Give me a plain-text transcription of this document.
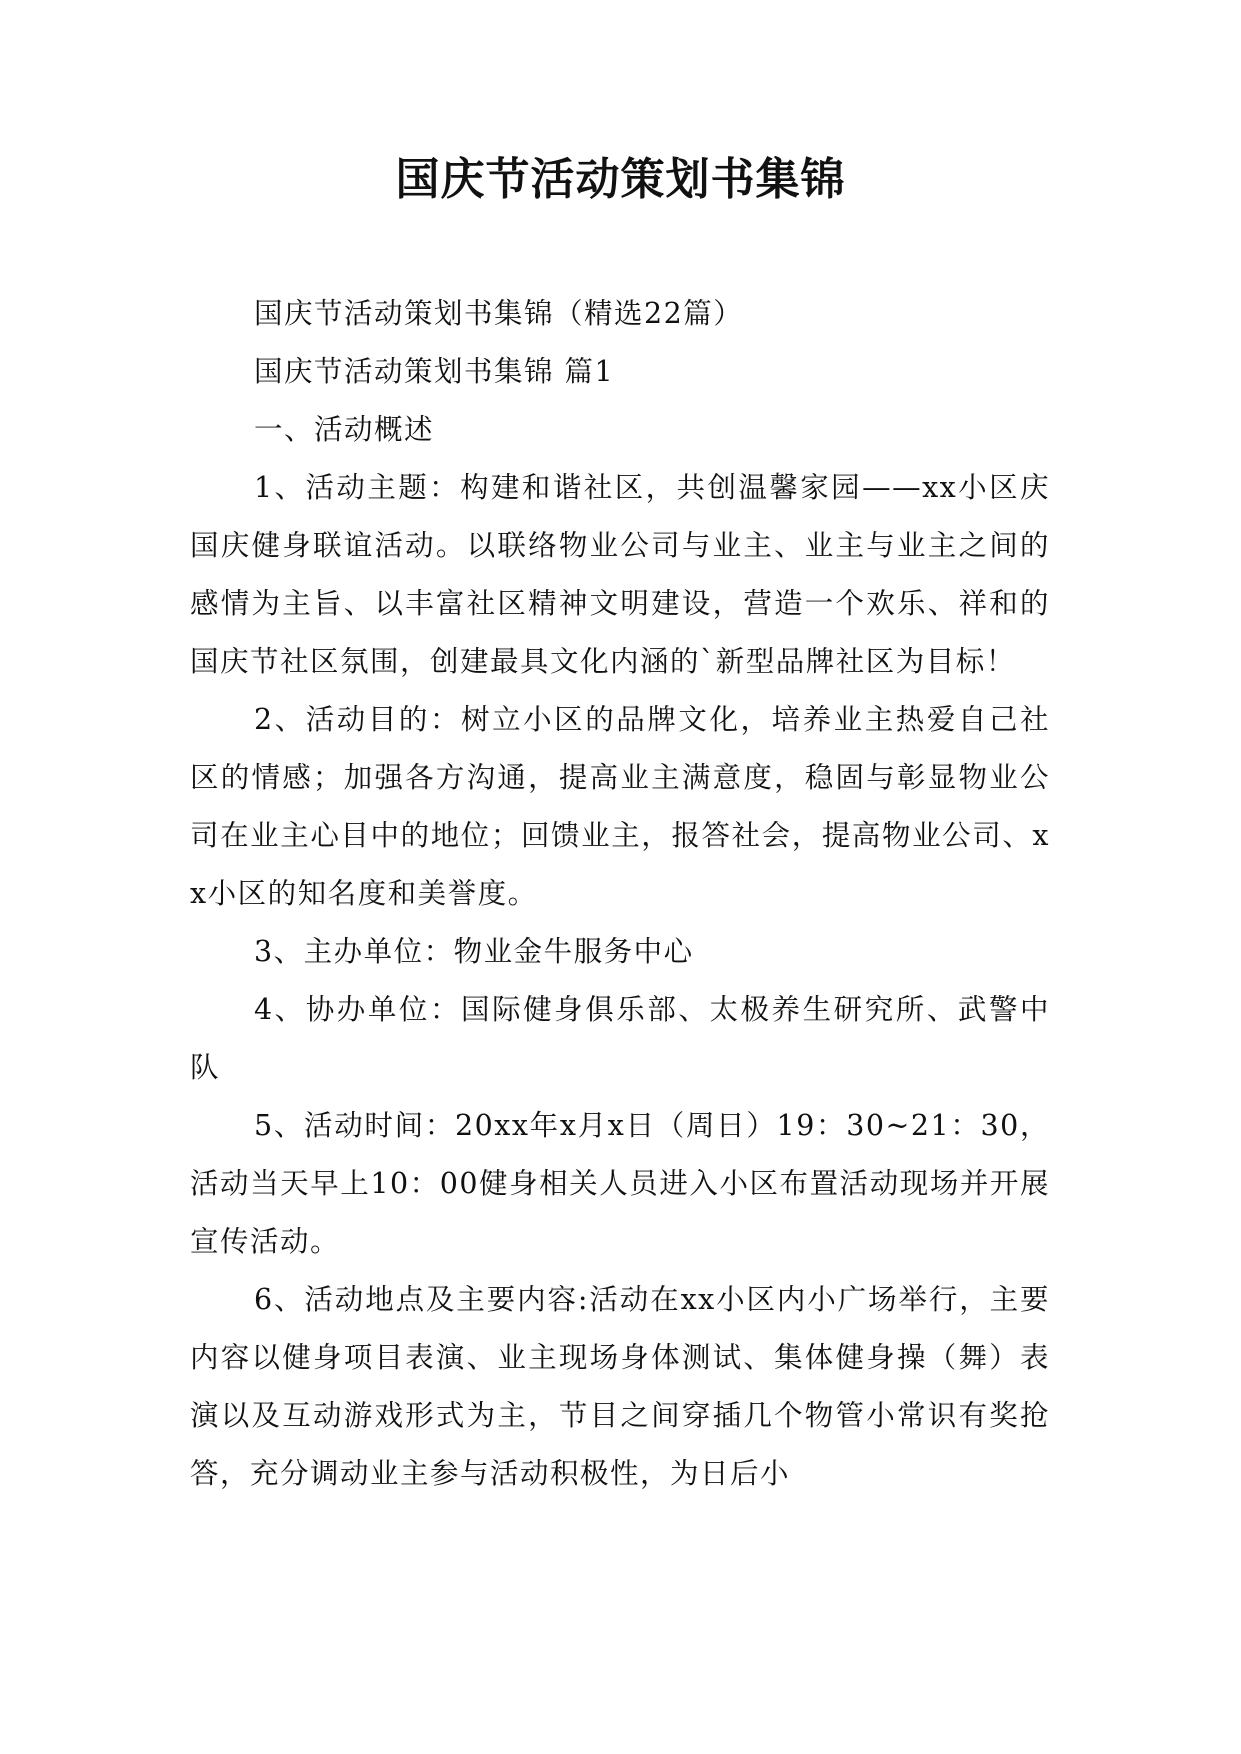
国庆节活动策划书集锦

国庆节活动策划书集锦（精选22篇）

国庆节活动策划书集锦 篇1

一、活动概述

1、活动主题：构建和谐社区，共创温馨家园——xx小区庆国庆健身联谊活动。以联络物业公司与业主、业主与业主之间的感情为主旨、以丰富社区精神文明建设，营造一个欢乐、祥和的国庆节社区氛围，创建最具文化内涵的`新型品牌社区为目标！

2、活动目的：树立小区的品牌文化，培养业主热爱自己社区的情感；加强各方沟通，提高业主满意度，稳固与彰显物业公司在业主心目中的地位；回馈业主，报答社会，提高物业公司、xx小区的知名度和美誉度。

3、主办单位：物业金牛服务中心

4、协办单位：国际健身俱乐部、太极养生研究所、武警中队

5、活动时间：20xx年x月x日（周日）19：30~21：30，活动当天早上10：00健身相关人员进入小区布置活动现场并开展宣传活动。

6、活动地点及主要内容:活动在xx小区内小广场举行，主要内容以健身项目表演、业主现场身体测试、集体健身操（舞）表演以及互动游戏形式为主，节目之间穿插几个物管小常识有奖抢答，充分调动业主参与活动积极性，为日后小
